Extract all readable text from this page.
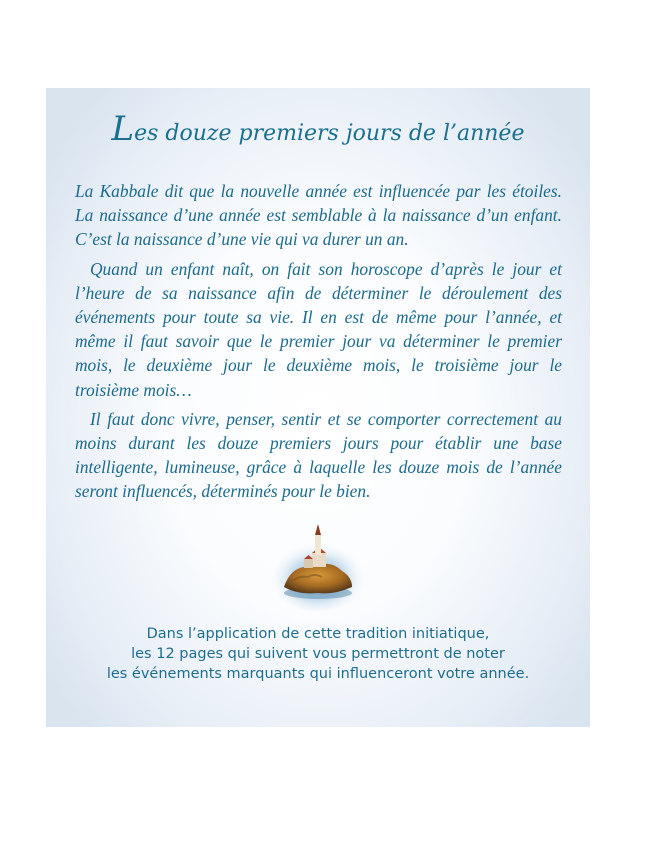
Les douze premiers jours de l’année

La Kabbale dit que la nouvelle année est influencée par les étoiles. La naissance d’une année est semblable à la naissance d’un enfant. C’est la naissance d’une vie qui va durer un an.

Quand un enfant naît, on fait son horoscope d’après le jour et l’heure de sa naissance afin de déterminer le déroulement des événements pour toute sa vie. Il en est de même pour l’année, et même il faut savoir que le premier jour va déterminer le premier mois, le deuxième jour le deuxième mois, le troisième jour le troisième mois…

Il faut donc vivre, penser, sentir et se comporter correctement au moins durant les douze premiers jours pour établir une base intelligente, lumineuse, grâce à laquelle les douze mois de l’année seront influencés, déterminés pour le bien.

Dans l’application de cette tradition initiatique,
les 12 pages qui suivent vous permettront de noter
les événements marquants qui influenceront votre année.
